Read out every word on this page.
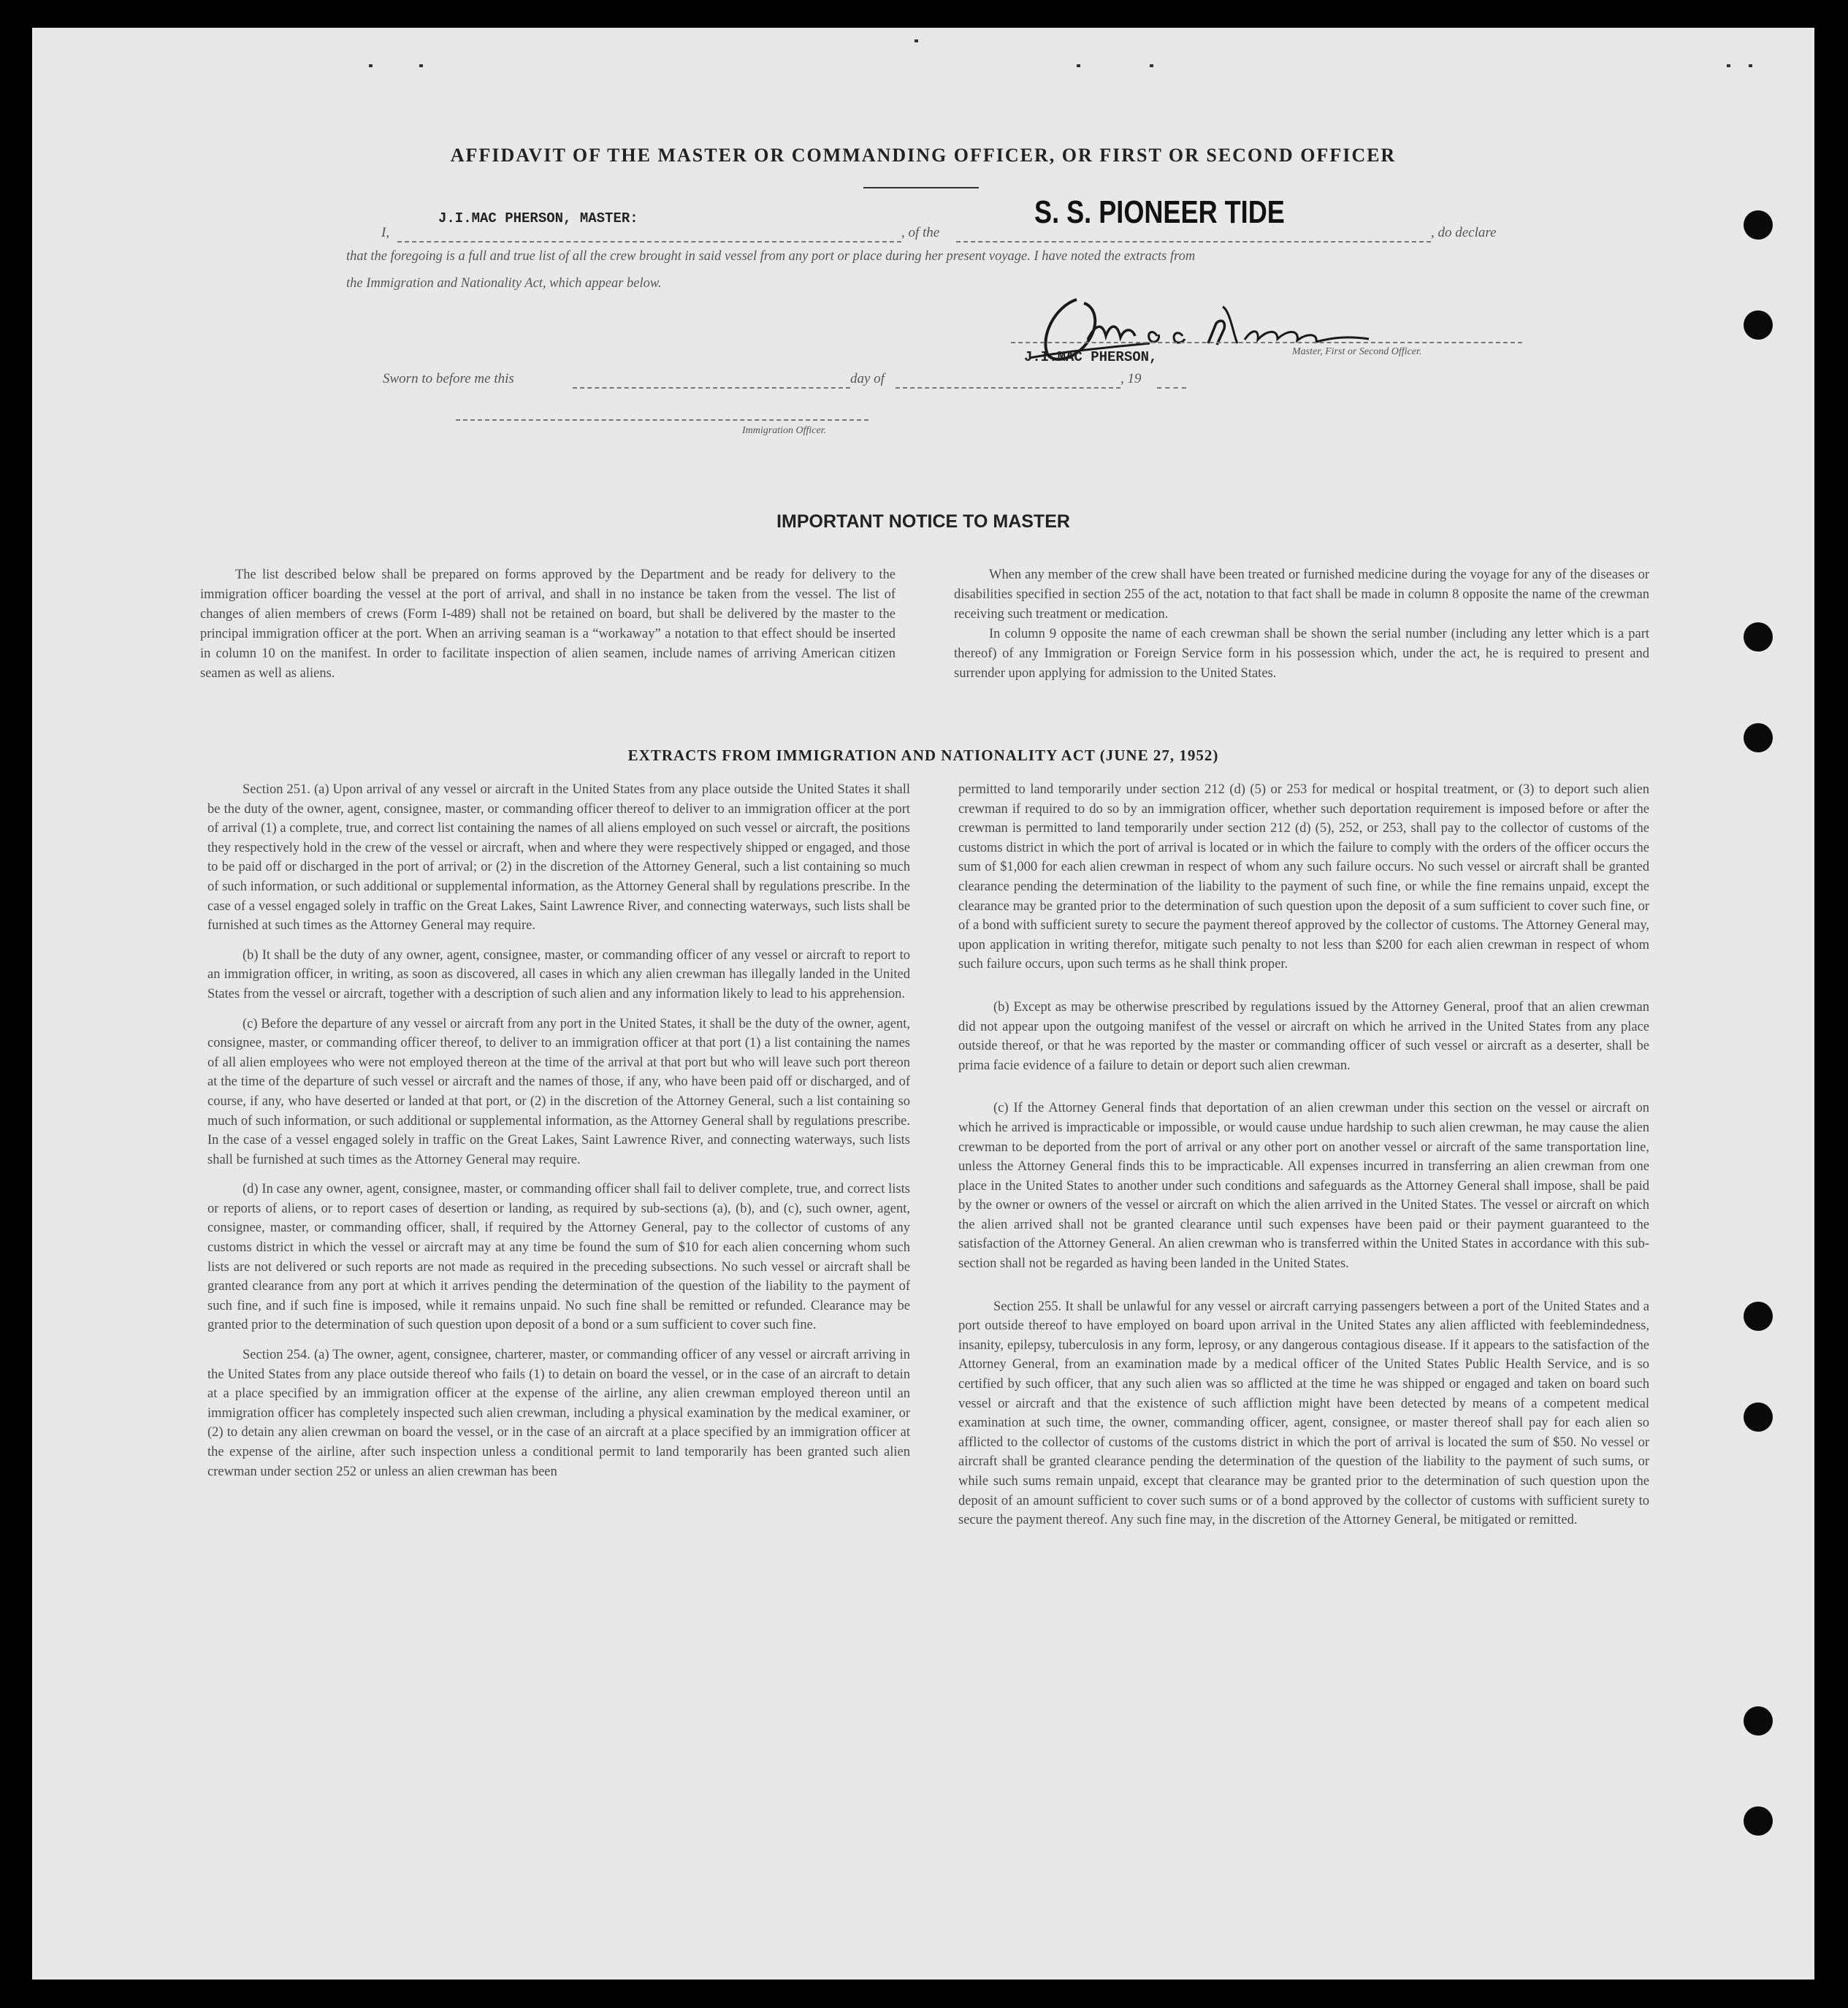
AFFIDAVIT OF THE MASTER OR COMMANDING OFFICER, OR FIRST OR SECOND OFFICER
I,
J.I.MAC PHERSON, MASTER:
, of the
S. S. PIONEER TIDE
, do declare
that the foregoing is a full and true list of all the crew brought in said vessel from any port or place during her present voyage. I have noted the extracts from
the Immigration and Nationality Act, which appear below.
J.I.MAC PHERSON,	Master, First or Second Officer.
Sworn to before me this	day of	, 19
Immigration Officer.
IMPORTANT NOTICE TO MASTER

The list described below shall be prepared on forms approved by the Department and be ready for delivery to the immigration officer boarding the vessel at the port of arrival, and shall in no instance be taken from the vessel. The list of changes of alien members of crews (Form I-489) shall not be retained on board, but shall be delivered by the master to the principal immigration officer at the port. When an arriving seaman is a “workaway” a notation to that effect should be inserted in column 10 on the manifest. In order to facilitate inspection of alien seamen, include names of arriving American citizen seamen as well as aliens.

When any member of the crew shall have been treated or furnished medicine during the voyage for any of the diseases or disabilities specified in section 255 of the act, notation to that fact shall be made in column 8 opposite the name of the crewman receiving such treatment or medication.

In column 9 opposite the name of each crewman shall be shown the serial number (including any letter which is a part thereof) of any Immigration or Foreign Service form in his possession which, under the act, he is required to present and surrender upon applying for admission to the United States.

EXTRACTS FROM IMMIGRATION AND NATIONALITY ACT (JUNE 27, 1952)

Section 251. (a) Upon arrival of any vessel or aircraft in the United States from any place outside the United States it shall be the duty of the owner, agent, consignee, master, or commanding officer thereof to deliver to an immigration officer at the port of arrival (1) a complete, true, and correct list containing the names of all aliens employed on such vessel or aircraft, the positions they respectively hold in the crew of the vessel or aircraft, when and where they were respectively shipped or engaged, and those to be paid off or discharged in the port of arrival; or (2) in the discretion of the Attorney General, such a list containing so much of such information, or such additional or supplemental information, as the Attorney General shall by regulations prescribe. In the case of a vessel engaged solely in traffic on the Great Lakes, Saint Lawrence River, and connecting waterways, such lists shall be furnished at such times as the Attorney General may require.

(b) It shall be the duty of any owner, agent, consignee, master, or commanding officer of any vessel or aircraft to report to an immigration officer, in writing, as soon as discovered, all cases in which any alien crewman has illegally landed in the United States from the vessel or aircraft, together with a description of such alien and any information likely to lead to his apprehension.

(c) Before the departure of any vessel or aircraft from any port in the United States, it shall be the duty of the owner, agent, consignee, master, or commanding officer thereof, to deliver to an immigration officer at that port (1) a list containing the names of all alien employees who were not employed thereon at the time of the arrival at that port but who will leave such port thereon at the time of the departure of such vessel or aircraft and the names of those, if any, who have been paid off or discharged, and of course, if any, who have deserted or landed at that port, or (2) in the discretion of the Attorney General, such a list containing so much of such information, or such additional or supplemental information, as the Attorney General shall by regulations prescribe. In the case of a vessel engaged solely in traffic on the Great Lakes, Saint Lawrence River, and connecting waterways, such lists shall be furnished at such times as the Attorney General may require.

(d) In case any owner, agent, consignee, master, or commanding officer shall fail to deliver complete, true, and correct lists or reports of aliens, or to report cases of desertion or landing, as required by sub-sections (a), (b), and (c), such owner, agent, consignee, master, or commanding officer, shall, if required by the Attorney General, pay to the collector of customs of any customs district in which the vessel or aircraft may at any time be found the sum of $10 for each alien concerning whom such lists are not delivered or such reports are not made as required in the preceding subsections. No such vessel or aircraft shall be granted clearance from any port at which it arrives pending the determination of the question of the liability to the payment of such fine, and if such fine is imposed, while it remains unpaid. No such fine shall be remitted or refunded. Clearance may be granted prior to the determination of such question upon deposit of a bond or a sum sufficient to cover such fine.

Section 254. (a) The owner, agent, consignee, charterer, master, or commanding officer of any vessel or aircraft arriving in the United States from any place outside thereof who fails (1) to detain on board the vessel, or in the case of an aircraft to detain at a place specified by an immigration officer at the expense of the airline, any alien crewman employed thereon until an immigration officer has completely inspected such alien crewman, including a physical examination by the medical examiner, or (2) to detain any alien crewman on board the vessel, or in the case of an aircraft at a place specified by an immigration officer at the expense of the airline, after such inspection unless a conditional permit to land temporarily has been granted such alien crewman under section 252 or unless an alien crewman has been

permitted to land temporarily under section 212 (d) (5) or 253 for medical or hospital treatment, or (3) to deport such alien crewman if required to do so by an immigration officer, whether such deportation requirement is imposed before or after the crewman is permitted to land temporarily under section 212 (d) (5), 252, or 253, shall pay to the collector of customs of the customs district in which the port of arrival is located or in which the failure to comply with the orders of the officer occurs the sum of $1,000 for each alien crewman in respect of whom any such failure occurs. No such vessel or aircraft shall be granted clearance pending the determination of the liability to the payment of such fine, or while the fine remains unpaid, except the clearance may be granted prior to the determination of such question upon the deposit of a sum sufficient to cover such fine, or of a bond with sufficient surety to secure the payment thereof approved by the collector of customs. The Attorney General may, upon application in writing therefor, mitigate such penalty to not less than $200 for each alien crewman in respect of whom such failure occurs, upon such terms as he shall think proper.

(b) Except as may be otherwise prescribed by regulations issued by the Attorney General, proof that an alien crewman did not appear upon the outgoing manifest of the vessel or aircraft on which he arrived in the United States from any place outside thereof, or that he was reported by the master or commanding officer of such vessel or aircraft as a deserter, shall be prima facie evidence of a failure to detain or deport such alien crewman.

(c) If the Attorney General finds that deportation of an alien crewman under this section on the vessel or aircraft on which he arrived is impracticable or impossible, or would cause undue hardship to such alien crewman, he may cause the alien crewman to be deported from the port of arrival or any other port on another vessel or aircraft of the same transportation line, unless the Attorney General finds this to be impracticable. All expenses incurred in transferring an alien crewman from one place in the United States to another under such conditions and safeguards as the Attorney General shall impose, shall be paid by the owner or owners of the vessel or aircraft on which the alien arrived in the United States. The vessel or aircraft on which the alien arrived shall not be granted clearance until such expenses have been paid or their payment guaranteed to the satisfaction of the Attorney General. An alien crewman who is transferred within the United States in accordance with this sub-section shall not be regarded as having been landed in the United States.

Section 255. It shall be unlawful for any vessel or aircraft carrying passengers between a port of the United States and a port outside thereof to have employed on board upon arrival in the United States any alien afflicted with feeblemindedness, insanity, epilepsy, tuberculosis in any form, leprosy, or any dangerous contagious disease. If it appears to the satisfaction of the Attorney General, from an examination made by a medical officer of the United States Public Health Service, and is so certified by such officer, that any such alien was so afflicted at the time he was shipped or engaged and taken on board such vessel or aircraft and that the existence of such affliction might have been detected by means of a competent medical examination at such time, the owner, commanding officer, agent, consignee, or master thereof shall pay for each alien so afflicted to the collector of customs of the customs district in which the port of arrival is located the sum of $50. No vessel or aircraft shall be granted clearance pending the determination of the question of the liability to the payment of such sums, or while such sums remain unpaid, except that clearance may be granted prior to the determination of such question upon the deposit of an amount sufficient to cover such sums or of a bond approved by the collector of customs with sufficient surety to secure the payment thereof. Any such fine may, in the discretion of the Attorney General, be mitigated or remitted.
